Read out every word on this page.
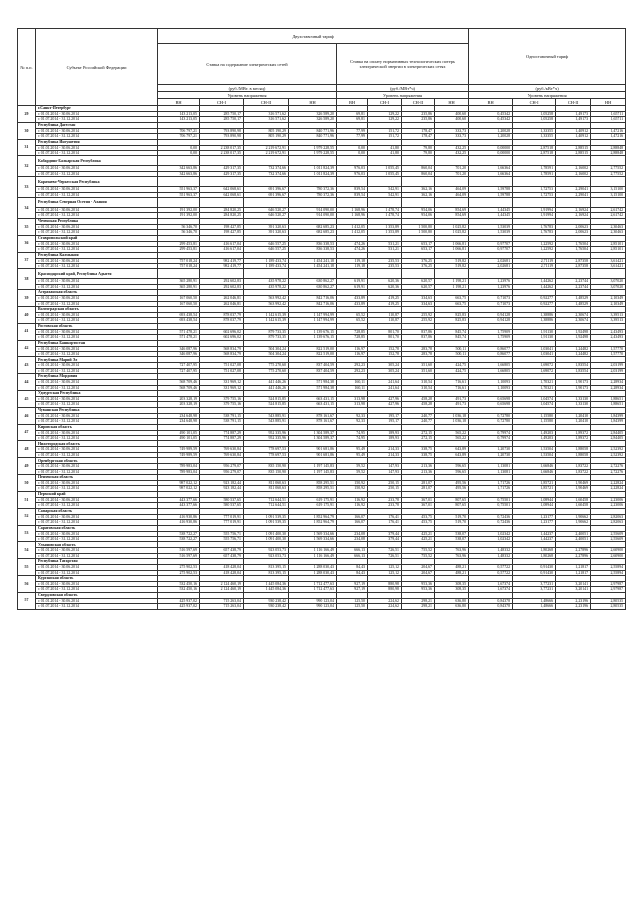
№ п.п.	Субъект Российской Федерации	Двухставочный тариф								Одноставочный тариф			
		Ставка на содержание электрических сетей				Ставка на оплату нормативных технологических потерь электрической энергии в электрических сетях							
		(руб./МВт. в месяц)				(руб./МВт*ч)				(руб./кВт*ч)			
		Уровень напряжения				Уровень напряжения				Уровень напряжения			
		ВН	СН-I	СН-II	НН	ВН	СН-I	СН-II	НН	ВН	СН-I	СН-II	НН
29	г.Санкт-Петербург												
	с 01.01.2014 - 30.06.2014	143 213,05	285 750,17	316 571,62	326 589,20	69,81	129,22	235,86	400,60	0,45342	1,05258	1,49173	1,65711
	с 01.07.2014 - 31.12.2014	143 213,05	285 750,17	316 571,62	326 589,20	69,81	129,22	235,86	400,60	0,45342	1,05258	1,49173	1,65711
30	Республика Дагестан												
	с 01.01.2014 - 30.06.2014	706 797,21	793 890,98	805 190,29	840 771,96	77,99	151,72	178,47	333,73	1,20028	1,33355	1,40912	1,47216
	с 01.07.2014 - 31.12.2014	706 797,21	793 890,98	805 190,29	840 771,96	77,99	151,72	178,47	333,73	1,20028	1,33355	1,40912	1,47216
31	Республика Ингушетия												
	с 01.01.2014 - 30.06.2014	0,00	2 238 017,35	2 219 672,91	1 979 228,55	0,00	41,80	79,80	432,25	0,00000	2,87518	2,88515	2,88848
	с 01.07.2014 - 31.12.2014	0,00	2 238 017,35	2 219 672,91	1 979 228,55	0,00	41,80	79,80	432,25	0,00000	2,87518	2,88515	2,88848
32	Кабардино-Балкарская Республика												
	с 01.01.2014 - 30.06.2014	342 663,86	429 317,35	732 374,66	1 011 824,39	976,03	1 055,45	860,04	701,20	1,66364	1,78591	2,16002	2,77552
	с 01.07.2014 - 31.12.2014	342 663,86	429 317,35	732 374,66	1 011 824,39	976,03	1 055,45	860,04	701,20	1,66364	1,78591	2,16002	2,77552
33	Карачаево-Черкесская Республика												
	с 01.01.2014 - 30.06.2014	551 963,37	642 068,61	691 396,67	780 372,36	839,54	542,91	362,16	464,09	1,59788	1,72753	2,29041	3,15100
	с 01.07.2014 - 31.12.2014	551 963,37	642 068,61	691 396,67	780 372,36	839,54	542,91	362,16	464,09	1,59788	1,72753	2,29041	3,15100
34	Республика Северная Осетия - Алания												
	с 01.01.2014 - 30.06.2014	191 392,00	284 820,25	646 520,27	914 090,00	1 168,96	1 478,74	954,06	854,69	1,44345	1,91994	2,16924	2,61742
	с 01.07.2014 - 31.12.2014	191 392,00	284 820,25	646 520,27	914 090,00	1 168,96	1 478,74	954,06	854,69	1,44345	1,91994	2,16924	2,61742
35	Чеченская Республика												
	с 01.01.2014 - 30.06.2014	56 346,70	198 427,85	391 320,63	682 685,23	1 412,05	1 353,89	1 500,80	1 025,82	1,53039	1,76783	2,00623	2,30463
	с 01.07.2014 - 31.12.2014	56 346,70	198 427,85	391 320,63	682 685,23	1 412,05	1 353,89	1 500,80	1 025,82	1,53039	1,76783	2,00623	2,30463
36	Ставропольский край												
	с 01.01.2014 - 30.06.2014	299 453,81	416 617,04	646 557,25	836 338,53	474,26	531,21	653,17	1 066,81	0,97707	1,22592	1,76504	2,85101
	с 01.07.2014 - 31.12.2014	299 453,81	416 617,04	646 557,25	836 338,53	474,26	531,21	653,17	1 066,81	0,97707	1,22592	1,76504	2,85101
37	Республика Калмыкия												
	с 01.01.2014 - 30.06.2014	757 018,24	982 419,77	1 189 433,74	1 454 241,18	119,18	235,53	376,25	519,82	2,02681	2,71119	2,87358	3,61421
	с 01.07.2014 - 31.12.2014	757 018,24	982 419,77	1 189 433,74	1 454 241,18	119,18	235,53	376,25	519,82	2,02681	2,71119	2,87358	3,61421
38	Краснодарский край, Республика Адыгея												
	с 01.01.2014 - 30.06.2014	365 280,91	292 602,83	435 978,22	630 862,27	619,91	620,36	620,57	1 198,21	1,23976	1,44262	2,23744	3,07020
	с 01.07.2014 - 31.12.2014	365 280,91	292 602,83	435 978,22	630 862,27	619,91	620,36	620,57	1 198,21	1,23976	1,44262	2,23744	3,07020
39	Астраханская область												
	с 01.01.2014 - 30.06.2014	167 060,50	262 046,81	563 992,42	842 716,06	433,89	419,25	334,63	663,75	0,71073	0,92277	1,48529	2,10349
	с 01.07.2014 - 31.12.2014	167 060,50	262 046,81	563 992,42	842 716,06	433,89	419,25	334,63	663,75	0,71073	0,92277	1,48529	2,10349
40	Волгоградская область												
	с 01.01.2014 - 30.06.2014	693 438,54	878 037,79	1 142 615,39	1 147 994,99	65,52	110,87	255,92	825,83	0,94128	1,38886	2,30674	3,39513
	с 01.07.2014 - 31.12.2014	693 438,54	878 037,79	1 142 615,39	1 147 994,99	65,52	110,87	255,92	825,83	0,94128	1,38886	2,30674	3,39513
41	Ростовская область												
	с 01.01.2014 - 30.06.2014	571 478,21	602 696,02	879 733,35	1 139 676,15	728,85	801,70	837,86	845,74	1,75909	1,91130	1,92498	2,43493
	с 01.07.2014 - 31.12.2014	571 478,21	602 696,02	879 733,35	1 139 676,15	728,85	801,70	837,86	845,74	1,75909	1,91130	1,92498	2,43493
42	Республика Башкортостан												
	с 01.01.2014 - 30.06.2014	346 087,96	568 834,79	504 304,24	822 519,00	116,97	152,78	283,78	500,11	0,86077	1,03041	1,24482	1,57770
	с 01.07.2014 - 31.12.2014	346 087,96	568 834,79	504 304,24	822 519,00	116,97	152,78	283,78	500,11	0,86077	1,03041	1,24482	1,57770
43	Республика Марий Эл												
	с 01.01.2014 - 30.06.2014	727 407,95	751 027,08	775 270,60	837 404,59	292,23	305,24	351,60	424,75	1,66805	1,69072	1,83554	2,03199
	с 01.07.2014 - 31.12.2014	727 407,95	751 027,08	775 270,60	837 404,59	292,23	305,24	351,60	424,75	1,66805	1,69072	1,83554	2,03199
44	Республика Мордовия												
	с 01.01.2014 - 30.06.2014	568 709,46	331 969,12	441 446,26	571 984,38	160,11	241,64	310,54	716,61	1,10093	1,70321	1,90173	2,28934
	с 01.07.2014 - 31.12.2014	568 709,46	331 969,12	441 446,26	571 984,38	160,11	241,64	310,54	716,61	1,10093	1,70321	1,90173	2,28934
45	Удмуртская Республика												
	с 01.01.2014 - 30.06.2014	203 328,19	379 755,16	524 815,85	663 431,15	313,98	427,96	458,28	491,73	0,65698	1,04574	1,33130	1,88651
	с 01.07.2014 - 31.12.2014	203 328,19	379 755,16	524 815,85	663 431,15	313,98	427,96	458,28	491,73	0,65698	1,04574	1,33130	1,88651
46	Чувашская Республика												
	с 01.01.2014 - 30.06.2014	234 648,98	538 791,15	543 885,91	878 161,67	92,33	195,17	240,77	1 036,18	0,72780	1,15580	1,20410	1,84399
	с 01.07.2014 - 31.12.2014	234 648,98	538 791,15	543 885,91	878 161,67	92,33	195,17	240,77	1 036,18	0,72780	1,15580	1,20410	1,84399
47	Кировская область												
	с 01.01.2014 - 30.06.2014	490 101,05	774 887,29	952 335,96	1 304 589,37	74,95	189,93	272,15	565,22	0,79974	1,49203	1,89372	2,84405
	с 01.07.2014 - 31.12.2014	490 101,05	774 887,29	952 335,96	1 304 589,37	74,95	189,93	272,15	565,22	0,79974	1,49203	1,89372	2,84405
48	Нижегородская область												
	с 01.01.2014 - 30.06.2014	749 989,59	769 630,84	778 697,53	901 681,86	95,49	214,33	338,75	643,89	1,20730	1,53504	1,88058	2,52392
	с 01.07.2014 - 31.12.2014	749 989,59	769 630,84	778 697,53	901 681,86	95,49	214,33	338,75	643,89	1,20730	1,53504	1,88058	2,52392
49	Оренбургская область												
	с 01.01.2014 - 30.06.2014	789 983,04	956 279,07	835 150,90	1 197 145,83	59,52	147,93	213,36	596,65	1,13081	1,66846	1,83722	2,72276
	с 01.07.2014 - 31.12.2014	789 983,04	956 279,07	835 150,90	1 197 145,83	59,52	147,93	213,36	596,65	1,13081	1,66846	1,83722	2,72276
50	Пензенская область												
	с 01.01.2014 - 30.06.2014	987 022,12	923 182,44	811 060,63	858 295,51	150,92	250,15	281,07	495,56	1,71726	1,85721	1,90469	2,22824
	с 01.07.2014 - 31.12.2014	987 022,12	923 182,44	811 060,63	858 295,51	150,92	250,15	281,07	495,56	1,71726	1,85721	1,90469	2,22824
51	Пермский край												
	с 01.01.2014 - 30.06.2014	443 377,66	580 537,65	712 644,51	619 175,91	116,92	233,78	367,01	807,65	0,75501	1,08944	1,60458	2,23006
	с 01.07.2014 - 31.12.2014	443 377,66	580 537,65	712 644,51	619 175,91	116,92	233,78	367,01	807,65	0,75501	1,08944	1,60458	2,23006
52	Самарская область												
	с 01.01.2014 - 30.06.2014	416 930,86	777 019,91	1 091 539,35	1 852 964,79	166,07	176,41	453,75	519,70	0,72436	1,23177	1,90662	2,82063
	с 01.07.2014 - 31.12.2014	416 930,86	777 019,91	1 091 539,35	1 852 964,79	166,07	176,41	453,75	519,70	0,72436	1,23177	1,90662	2,82063
53	Саратовская область												
	с 01.01.2014 - 30.06.2014	538 722,27	555 756,71	1 091 400,30	1 569 334,66	234,08	379,44	425,21	538,07	1,02342	1,44237	2,40051	2,55609
	с 01.07.2014 - 31.12.2014	538 722,27	555 756,71	1 091 400,30	1 569 334,66	234,08	379,44	425,21	538,07	1,02342	1,44237	2,40051	2,55609
54	Ульяновская область												
	с 01.01.2014 - 30.06.2014	516 597,69	657 438,79	923 053,73	1 116 166,49	666,13	726,51	755,52	763,96	1,48332	1,80268	2,27896	2,60900
	с 01.07.2014 - 31.12.2014	516 597,69	657 438,79	923 053,73	1 116 166,49	666,13	726,51	755,52	763,96	1,48332	1,80268	2,27896	2,60900
55	Республика Татарстан												
	с 01.01.2014 - 30.06.2014	275 902,53	418 428,04	813 395,15	1 288 030,43	84,43	125,12	204,67	488,21	0,57722	0,91430	1,21817	2,55894
	с 01.07.2014 - 31.12.2014	275 902,53	418 428,04	813 395,15	1 288 030,43	84,43	125,12	204,67	488,21	0,57722	0,91430	1,21817	2,55894
56	Курганская область												
	с 01.01.2014 - 30.06.2014	532 450,16	2 124 460,19	1 445 084,36	1 712 477,63	927,19	880,98	953,36	308,35	1,67374	3,77231	3,20141	2,97987
	с 01.07.2014 - 31.12.2014	532 450,16	2 124 460,19	1 445 084,36	1 712 477,63	927,19	880,98	953,36	308,35	1,67374	3,77231	3,20141	2,97987
57	Свердловская область												
	с 01.01.2014 - 30.06.2014	425 937,02	715 263,04	930 238,42	990 123,04	125,50	224,62	298,21	636,80	0,84378	1,48666	2,23196	2,80535
	с 01.07.2014 - 31.12.2014	425 937,02	715 263,04	930 238,42	990 123,04	125,50	224,62	298,21	636,80	0,84378	1,48666	2,23196	2,80535
